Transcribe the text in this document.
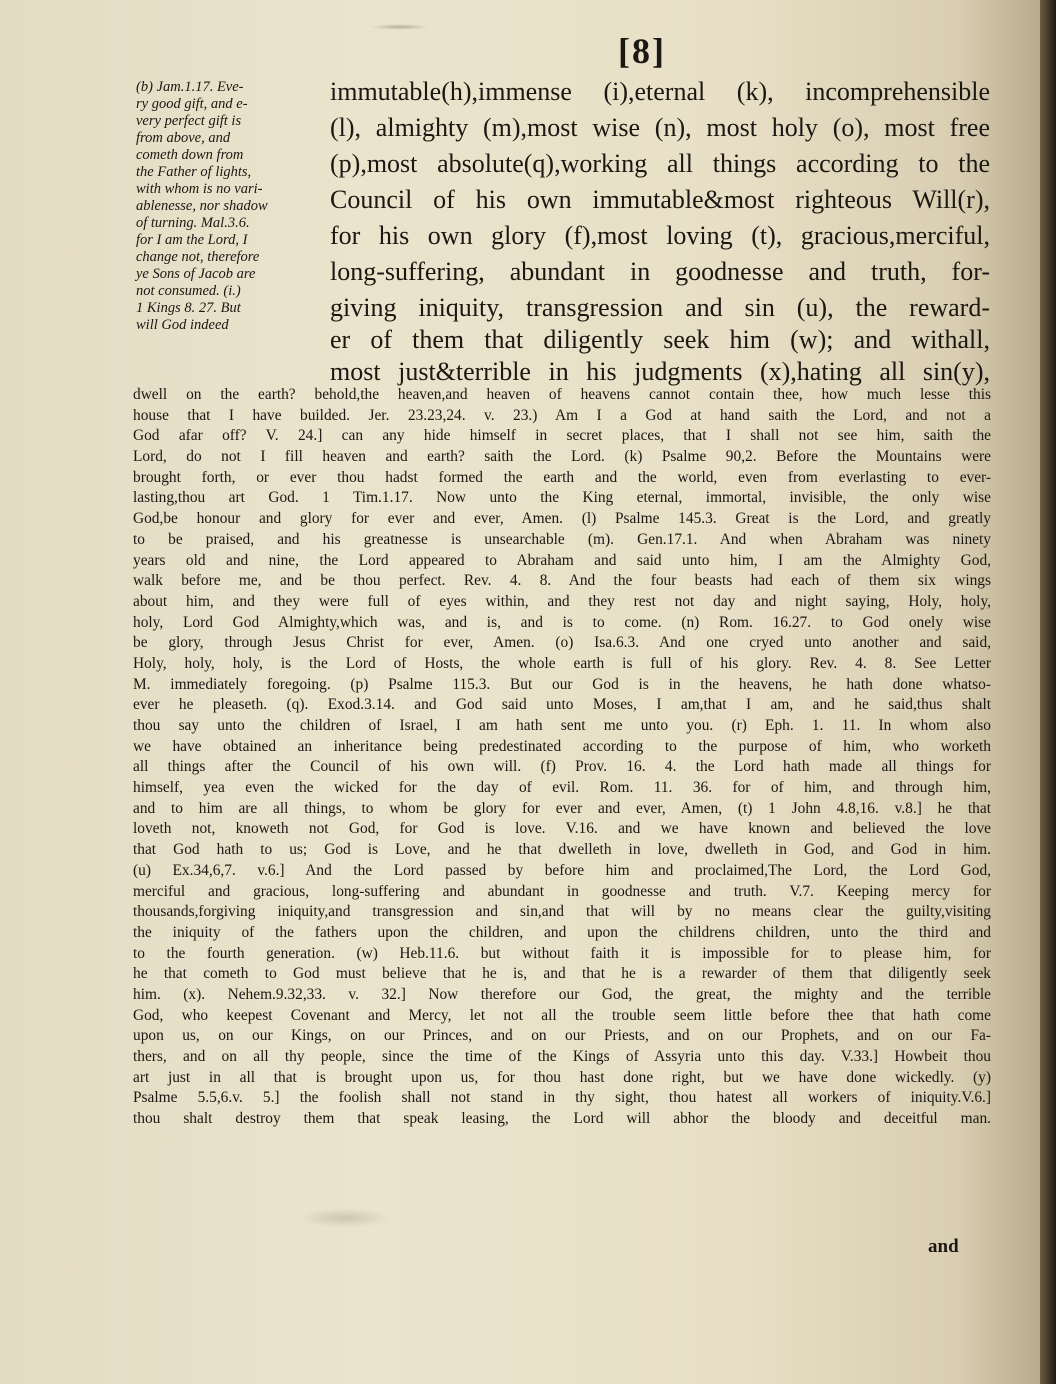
[8]
(b) Jam.1.17. Eve-
ry good gift, and e-	immutable(h),immense (i),eternal (k), incomprehensible
very perfect gift is
from above, and	(l), almighty (m),most wise (n), most holy (o), most free
cometh down from
the Father of lights,	(p),most absolute(q),working all things according to the
with whom is no vari-
ablenesse, nor shadow	Council of his own immutable&most righteous Will(r),
of turning. Mal.3.6.
for I am the Lord, I	for his own glory (f),most loving (t), gracious,merciful,
change not, therefore
ye Sons of Jacob are	long-suffering, abundant in goodnesse and truth, for-
not consumed. (i.)
1 Kings 8. 27. But	giving iniquity, transgression and sin (u), the reward-
will God indeed	er of them that diligently seek him (w); and withall,
most just&terrible in his judgments (x),hating all sin(y),
dwell on the earth? behold,the heaven,and heaven of heavens cannot contain thee, how much lesse this
house that I have builded. Jer. 23.23,24. v. 23.) Am I a God at hand saith the Lord, and not a
God afar off? V. 24.] can any hide himself in secret places, that I shall not see him, saith the
Lord, do not I fill heaven and earth? saith the Lord. (k) Psalme 90,2. Before the Mountains were
brought forth, or ever thou hadst formed the earth and the world, even from everlasting to ever-
lasting,thou art God. 1 Tim.1.17. Now unto the King eternal, immortal, invisible, the only wise
God,be honour and glory for ever and ever, Amen. (l) Psalme 145.3. Great is the Lord, and greatly
to be praised, and his greatnesse is unsearchable (m). Gen.17.1. And when Abraham was ninety
years old and nine, the Lord appeared to Abraham and said unto him, I am the Almighty God,
walk before me, and be thou perfect. Rev. 4. 8. And the four beasts had each of them six wings
about him, and they were full of eyes within, and they rest not day and night saying, Holy, holy,
holy, Lord God Almighty,which was, and is, and is to come. (n) Rom. 16.27. to God onely wise
be glory, through Jesus Christ for ever, Amen. (o) Isa.6.3. And one cryed unto another and said,
Holy, holy, holy, is the Lord of Hosts, the whole earth is full of his glory. Rev. 4. 8. See Letter
M. immediately foregoing. (p) Psalme 115.3. But our God is in the heavens, he hath done whatso-
ever he pleaseth. (q). Exod.3.14. and God said unto Moses, I am,that I am, and he said,thus shalt
thou say unto the children of Israel, I am hath sent me unto you. (r) Eph. 1. 11. In whom also
we have obtained an inheritance being predestinated according to the purpose of him, who worketh
all things after the Council of his own will. (f) Prov. 16. 4. the Lord hath made all things for
himself, yea even the wicked for the day of evil. Rom. 11. 36. for of him, and through him,
and to him are all things, to whom be glory for ever and ever, Amen, (t) 1 John 4.8,16. v.8.] he that
loveth not, knoweth not God, for God is love. V.16. and we have known and believed the love
that God hath to us; God is Love, and he that dwelleth in love, dwelleth in God, and God in him.
(u) Ex.34,6,7. v.6.] And the Lord passed by before him and proclaimed,The Lord, the Lord God,
merciful and gracious, long-suffering and abundant in goodnesse and truth. V.7. Keeping mercy for
thousands,forgiving iniquity,and transgression and sin,and that will by no means clear the guilty,visiting
the iniquity of the fathers upon the children, and upon the childrens children, unto the third and
to the fourth generation. (w) Heb.11.6. but without faith it is impossible for to please him, for
he that cometh to God must believe that he is, and that he is a rewarder of them that diligently seek
him. (x). Nehem.9.32,33. v. 32.] Now therefore our God, the great, the mighty and the terrible
God, who keepest Covenant and Mercy, let not all the trouble seem little before thee that hath come
upon us, on our Kings, on our Princes, and on our Priests, and on our Prophets, and on our Fa-
thers, and on all thy people, since the time of the Kings of Assyria unto this day. V.33.] Howbeit thou
art just in all that is brought upon us, for thou hast done right, but we have done wickedly. (y)
Psalme 5.5,6.v. 5.] the foolish shall not stand in thy sight, thou hatest all workers of iniquity.V.6.]
thou shalt destroy them that speak leasing, the Lord will abhor the bloody and deceitful man.
and
